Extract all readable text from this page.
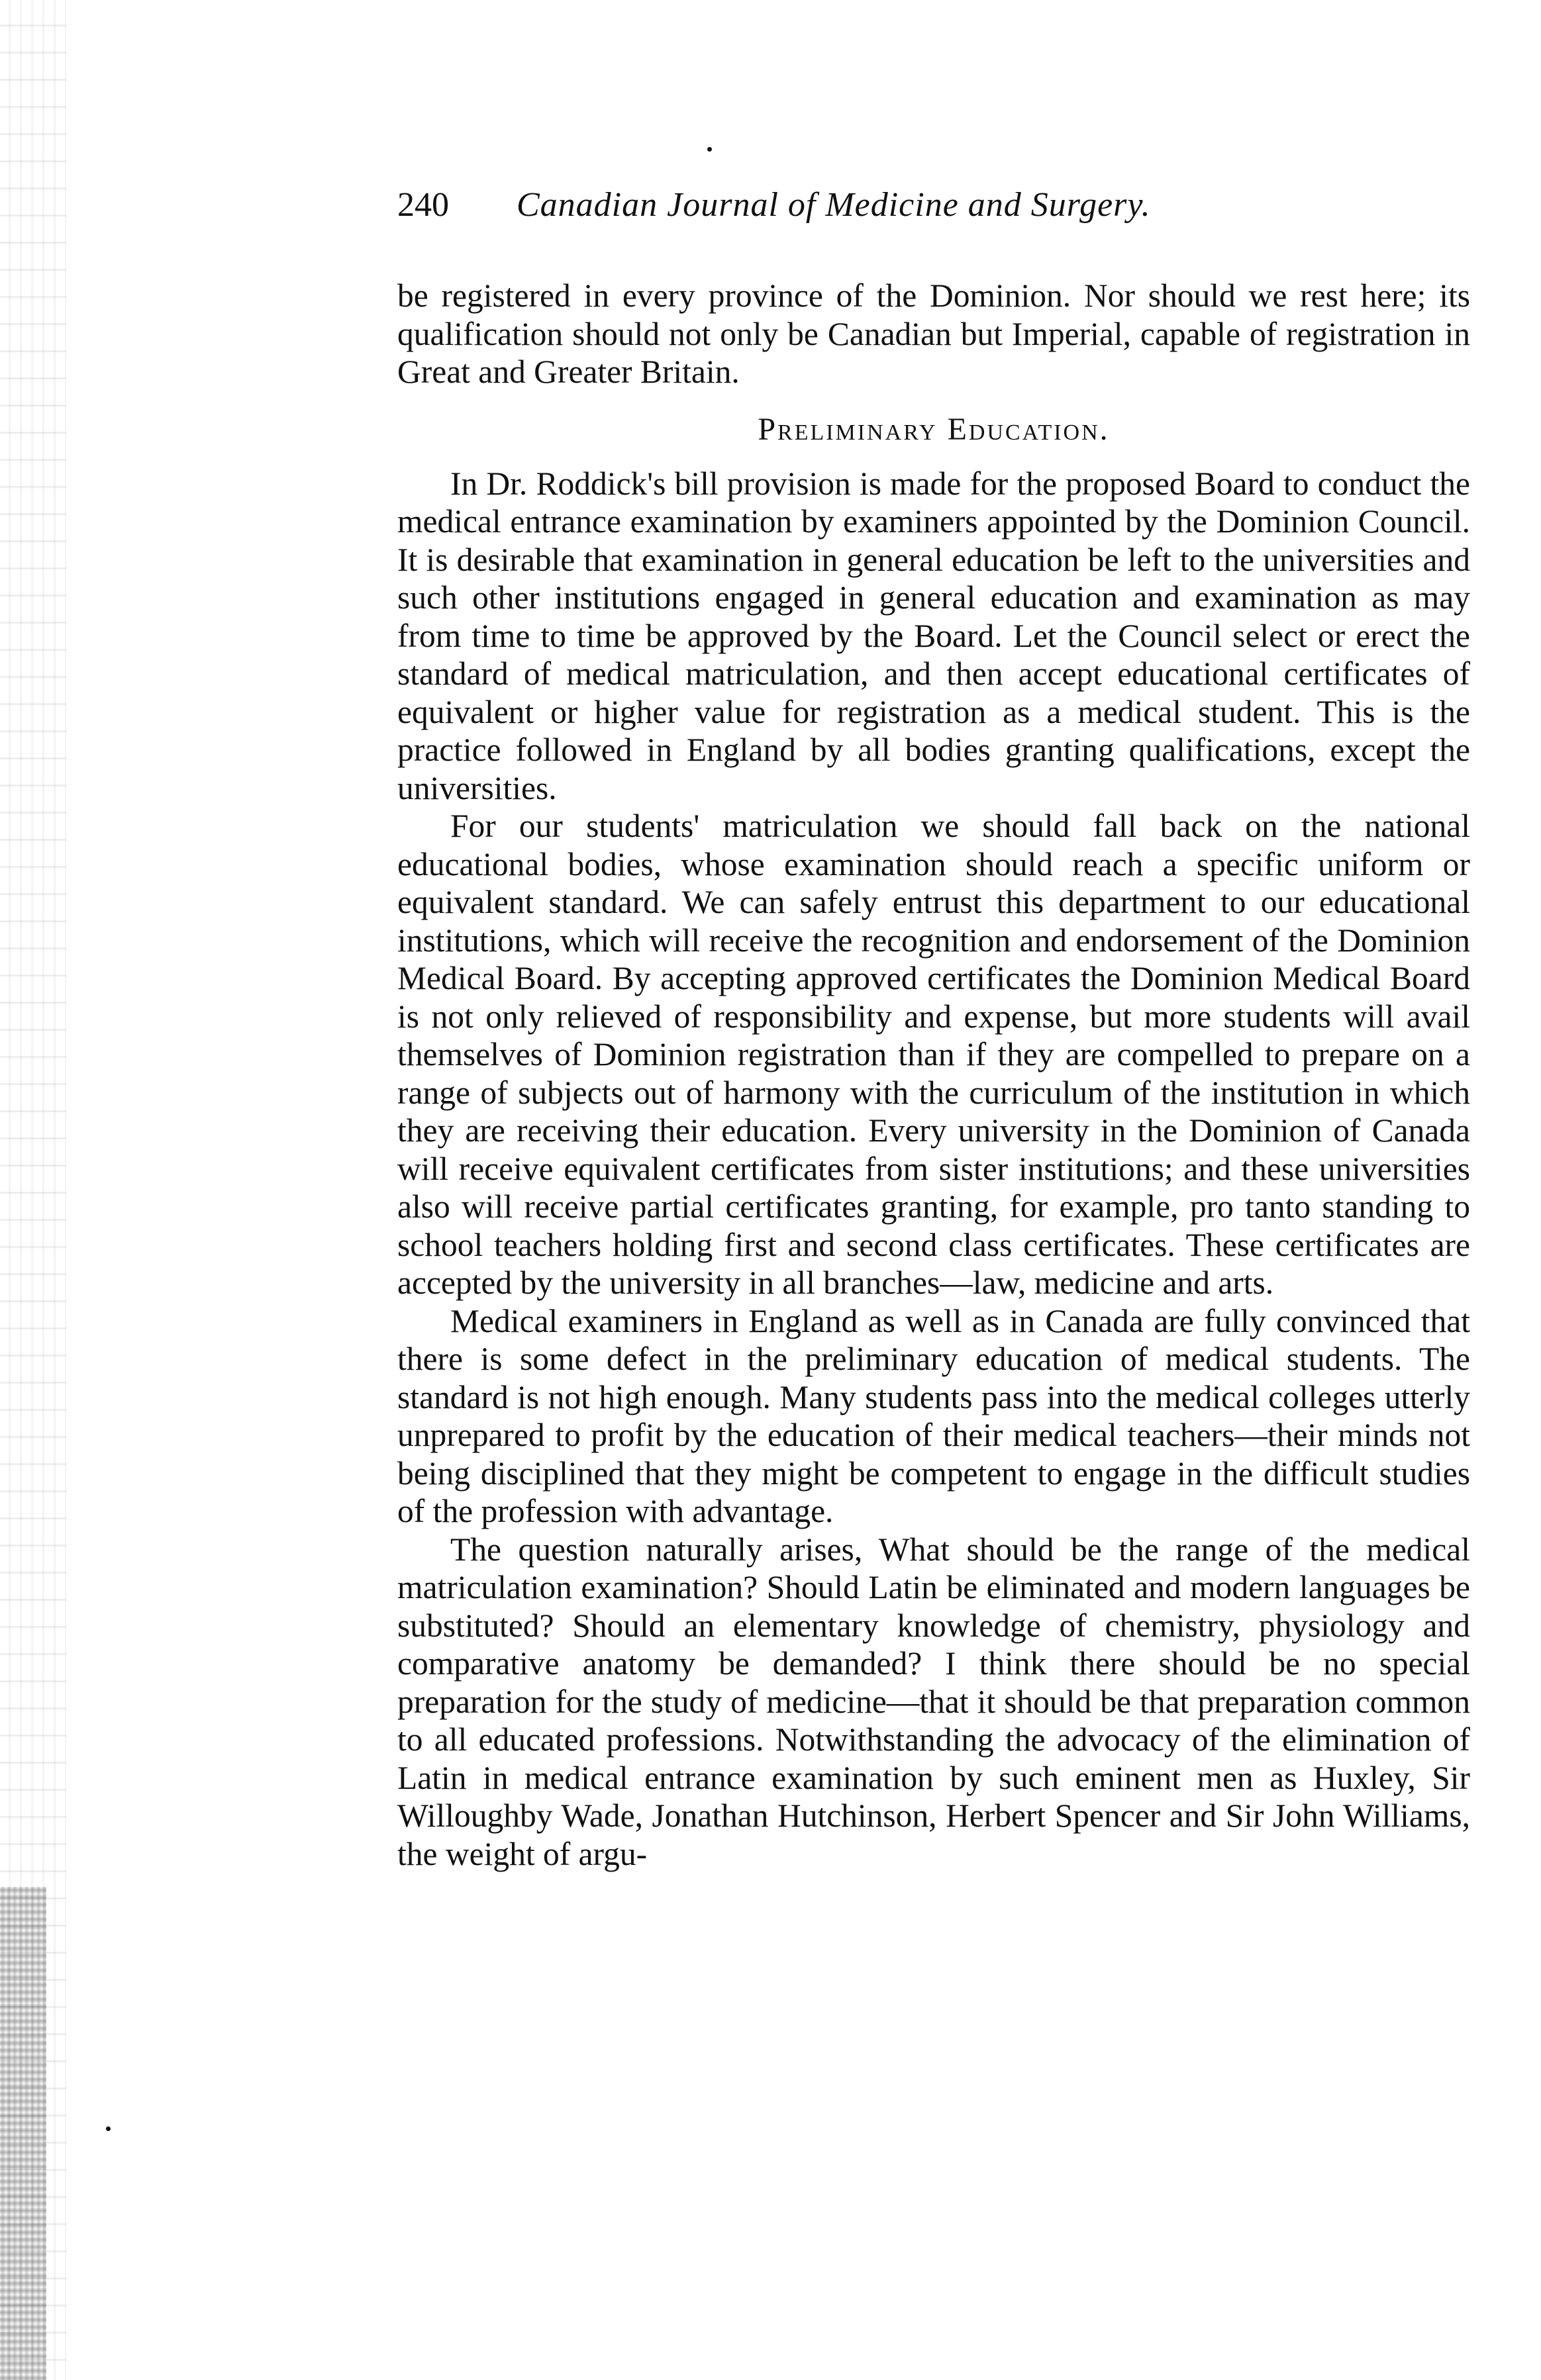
240	Canadian Journal of Medicine and Surgery.

be registered in every province of the Dominion. Nor should we rest here; its qualification should not only be Canadian but Imperial, capable of registration in Great and Greater Britain.

Preliminary Education.

In Dr. Roddick's bill provision is made for the proposed Board to conduct the medical entrance examination by examiners appointed by the Dominion Council. It is desirable that examination in general education be left to the universities and such other institutions engaged in general education and examination as may from time to time be approved by the Board. Let the Council select or erect the standard of medical matriculation, and then accept educational certificates of equivalent or higher value for registration as a medical student. This is the practice followed in England by all bodies granting qualifications, except the universities.

For our students' matriculation we should fall back on the national educational bodies, whose examination should reach a specific uniform or equivalent standard. We can safely entrust this department to our educational institutions, which will receive the recognition and endorsement of the Dominion Medical Board. By accepting approved certificates the Dominion Medical Board is not only relieved of responsibility and expense, but more students will avail themselves of Dominion registration than if they are compelled to prepare on a range of subjects out of harmony with the curriculum of the institution in which they are receiving their education. Every university in the Dominion of Canada will receive equivalent certificates from sister institutions; and these universities also will receive partial certificates granting, for example, pro tanto standing to school teachers holding first and second class certificates. These certificates are accepted by the university in all branches—law, medicine and arts.

Medical examiners in England as well as in Canada are fully convinced that there is some defect in the preliminary education of medical students. The standard is not high enough. Many students pass into the medical colleges utterly unprepared to profit by the education of their medical teachers—their minds not being disciplined that they might be competent to engage in the difficult studies of the profession with advantage.

The question naturally arises, What should be the range of the medical matriculation examination? Should Latin be eliminated and modern languages be substituted? Should an elementary knowledge of chemistry, physiology and comparative anatomy be demanded? I think there should be no special preparation for the study of medicine—that it should be that preparation common to all educated professions. Notwithstanding the advocacy of the elimination of Latin in medical entrance examination by such eminent men as Huxley, Sir Willoughby Wade, Jonathan Hutchinson, Herbert Spencer and Sir John Williams, the weight of argu-
